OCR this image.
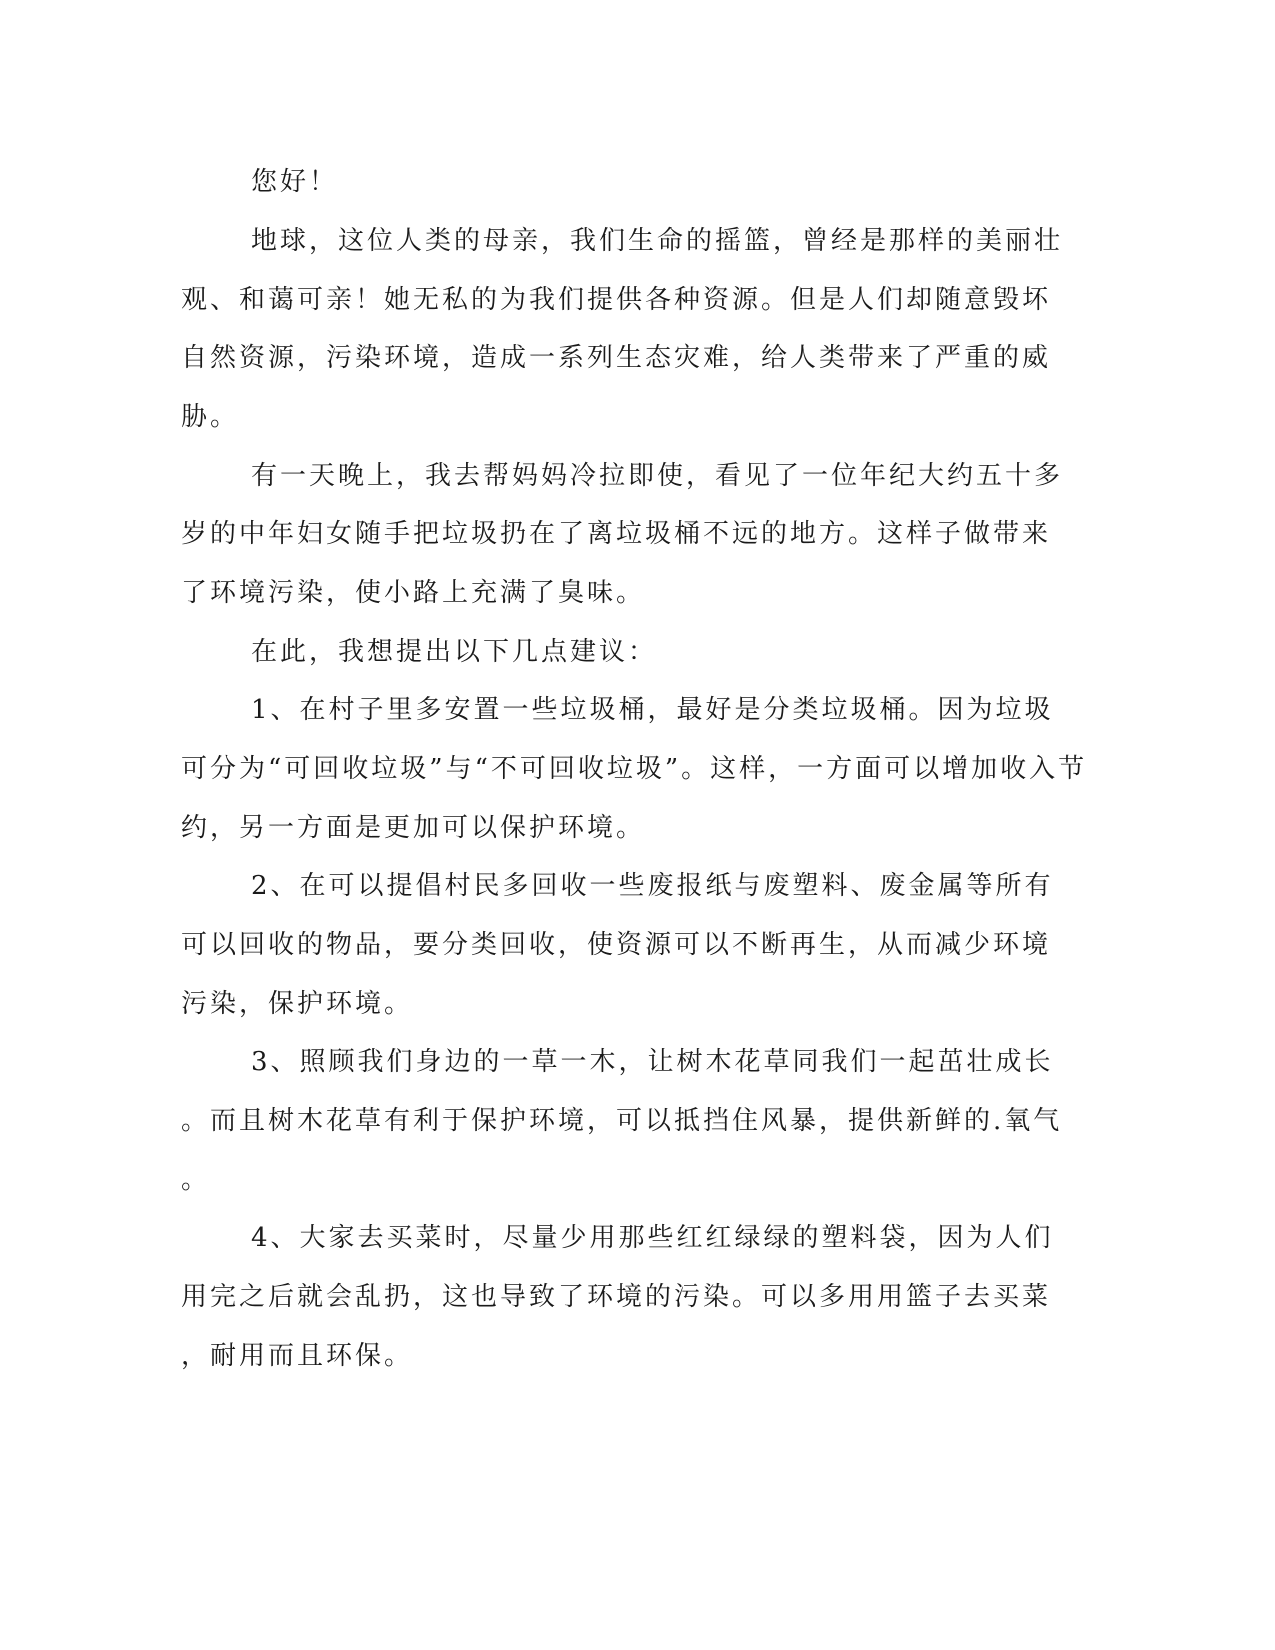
您好！
地球，这位人类的母亲，我们生命的摇篮，曾经是那样的美丽壮
观、和蔼可亲！她无私的为我们提供各种资源。但是人们却随意毁坏
自然资源，污染环境，造成一系列生态灾难，给人类带来了严重的威
胁。
有一天晚上，我去帮妈妈冷拉即使，看见了一位年纪大约五十多
岁的中年妇女随手把垃圾扔在了离垃圾桶不远的地方。这样子做带来
了环境污染，使小路上充满了臭味。
在此，我想提出以下几点建议：
1、在村子里多安置一些垃圾桶，最好是分类垃圾桶。因为垃圾
可分为“可回收垃圾”与“不可回收垃圾”。这样，一方面可以增加收入节
约，另一方面是更加可以保护环境。
2、在可以提倡村民多回收一些废报纸与废塑料、废金属等所有
可以回收的物品，要分类回收，使资源可以不断再生，从而减少环境
污染，保护环境。
3、照顾我们身边的一草一木，让树木花草同我们一起茁壮成长
。而且树木花草有利于保护环境，可以抵挡住风暴，提供新鲜的.氧气
。
4、大家去买菜时，尽量少用那些红红绿绿的塑料袋，因为人们
用完之后就会乱扔，这也导致了环境的污染。可以多用用篮子去买菜
，耐用而且环保。
